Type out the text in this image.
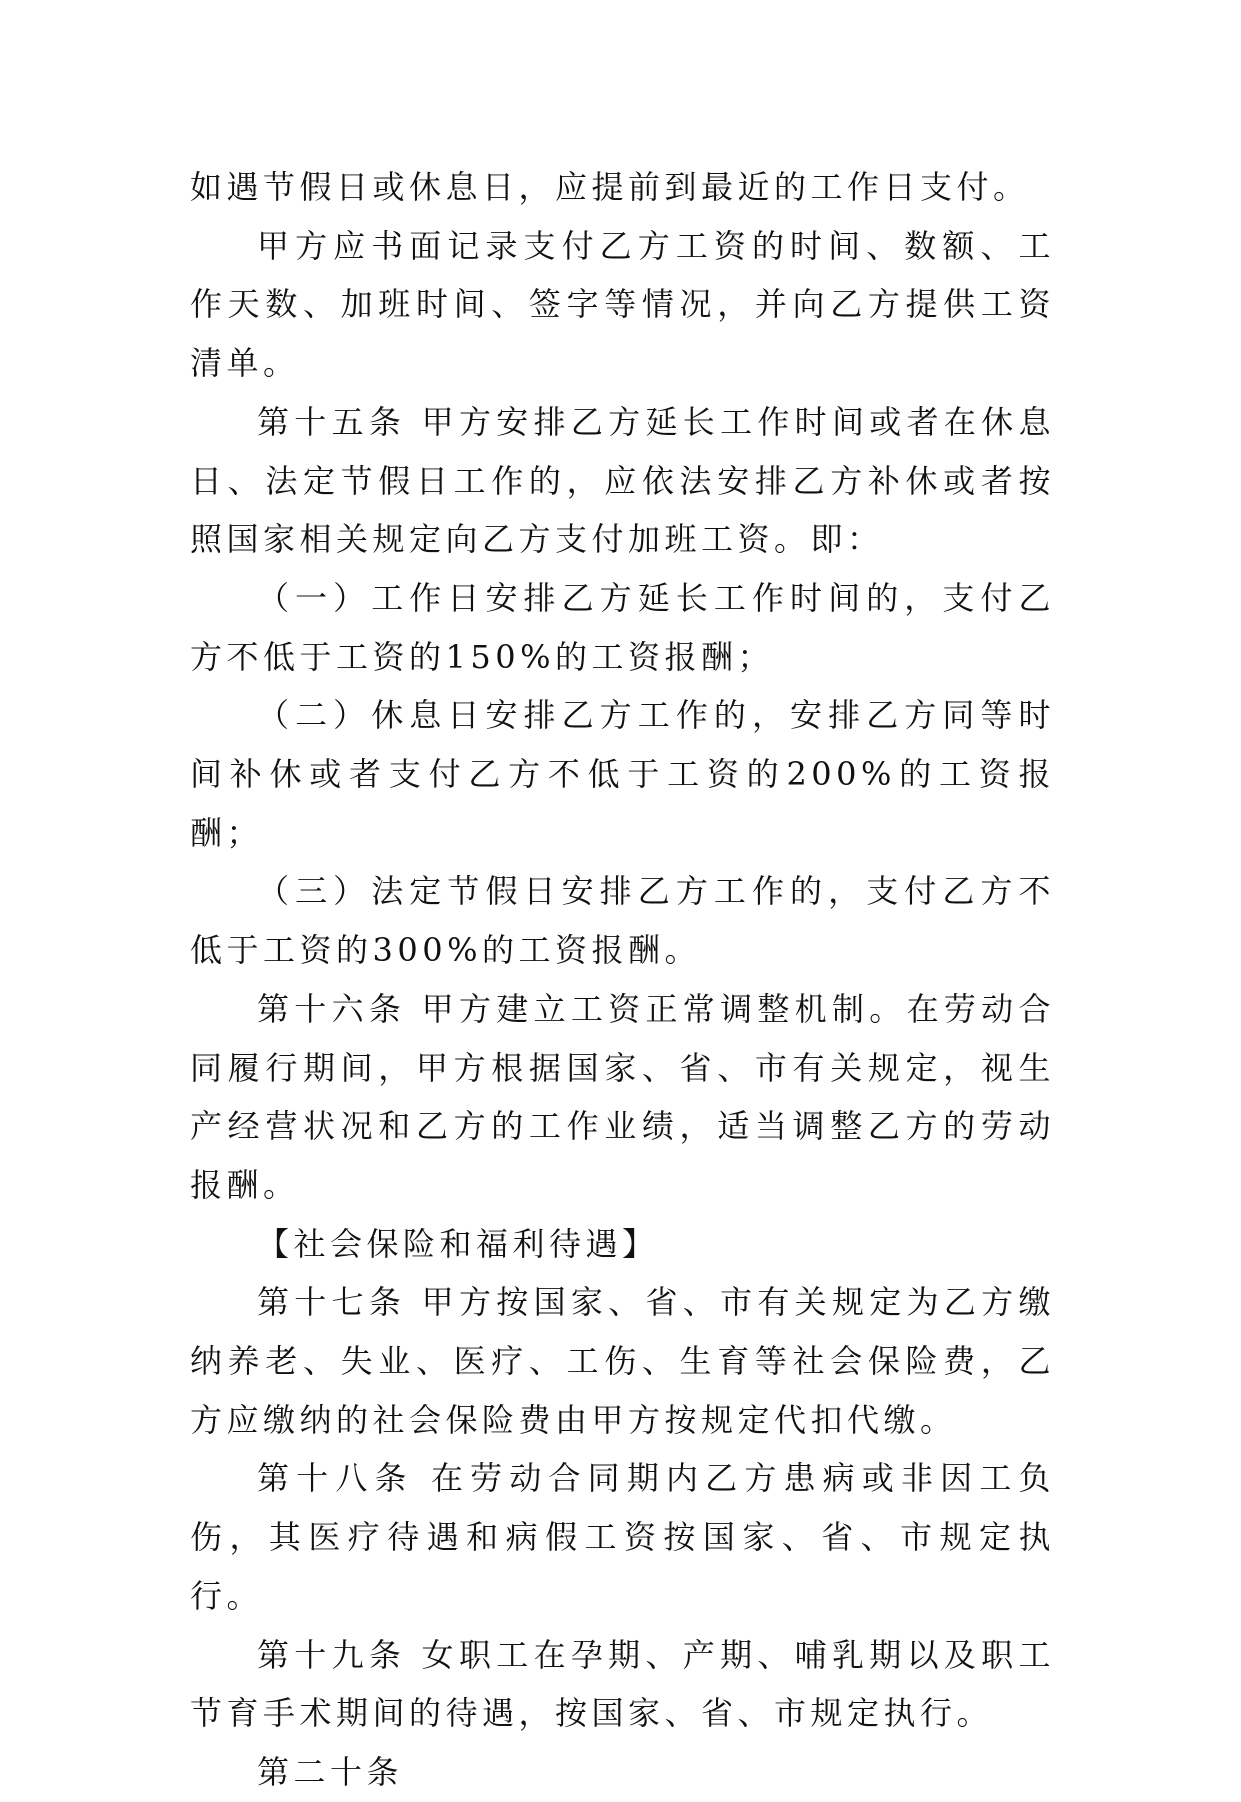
如遇节假日或休息日，应提前到最近的工作日支付。

甲方应书面记录支付乙方工资的时间、数额、工作天数、加班时间、签字等情况，并向乙方提供工资清单。

第十五条 甲方安排乙方延长工作时间或者在休息日、法定节假日工作的，应依法安排乙方补休或者按照国家相关规定向乙方支付加班工资。即：

（一）工作日安排乙方延长工作时间的，支付乙方不低于工资的150%的工资报酬；

（二）休息日安排乙方工作的，安排乙方同等时间补休或者支付乙方不低于工资的200%的工资报酬；

（三）法定节假日安排乙方工作的，支付乙方不低于工资的300%的工资报酬。

第十六条 甲方建立工资正常调整机制。在劳动合同履行期间，甲方根据国家、省、市有关规定，视生产经营状况和乙方的工作业绩，适当调整乙方的劳动报酬。

【社会保险和福利待遇】

第十七条 甲方按国家、省、市有关规定为乙方缴纳养老、失业、医疗、工伤、生育等社会保险费，乙方应缴纳的社会保险费由甲方按规定代扣代缴。

第十八条 在劳动合同期内乙方患病或非因工负伤，其医疗待遇和病假工资按国家、省、市规定执行。

第十九条 女职工在孕期、产期、哺乳期以及职工节育手术期间的待遇，按国家、省、市规定执行。

第二十条
